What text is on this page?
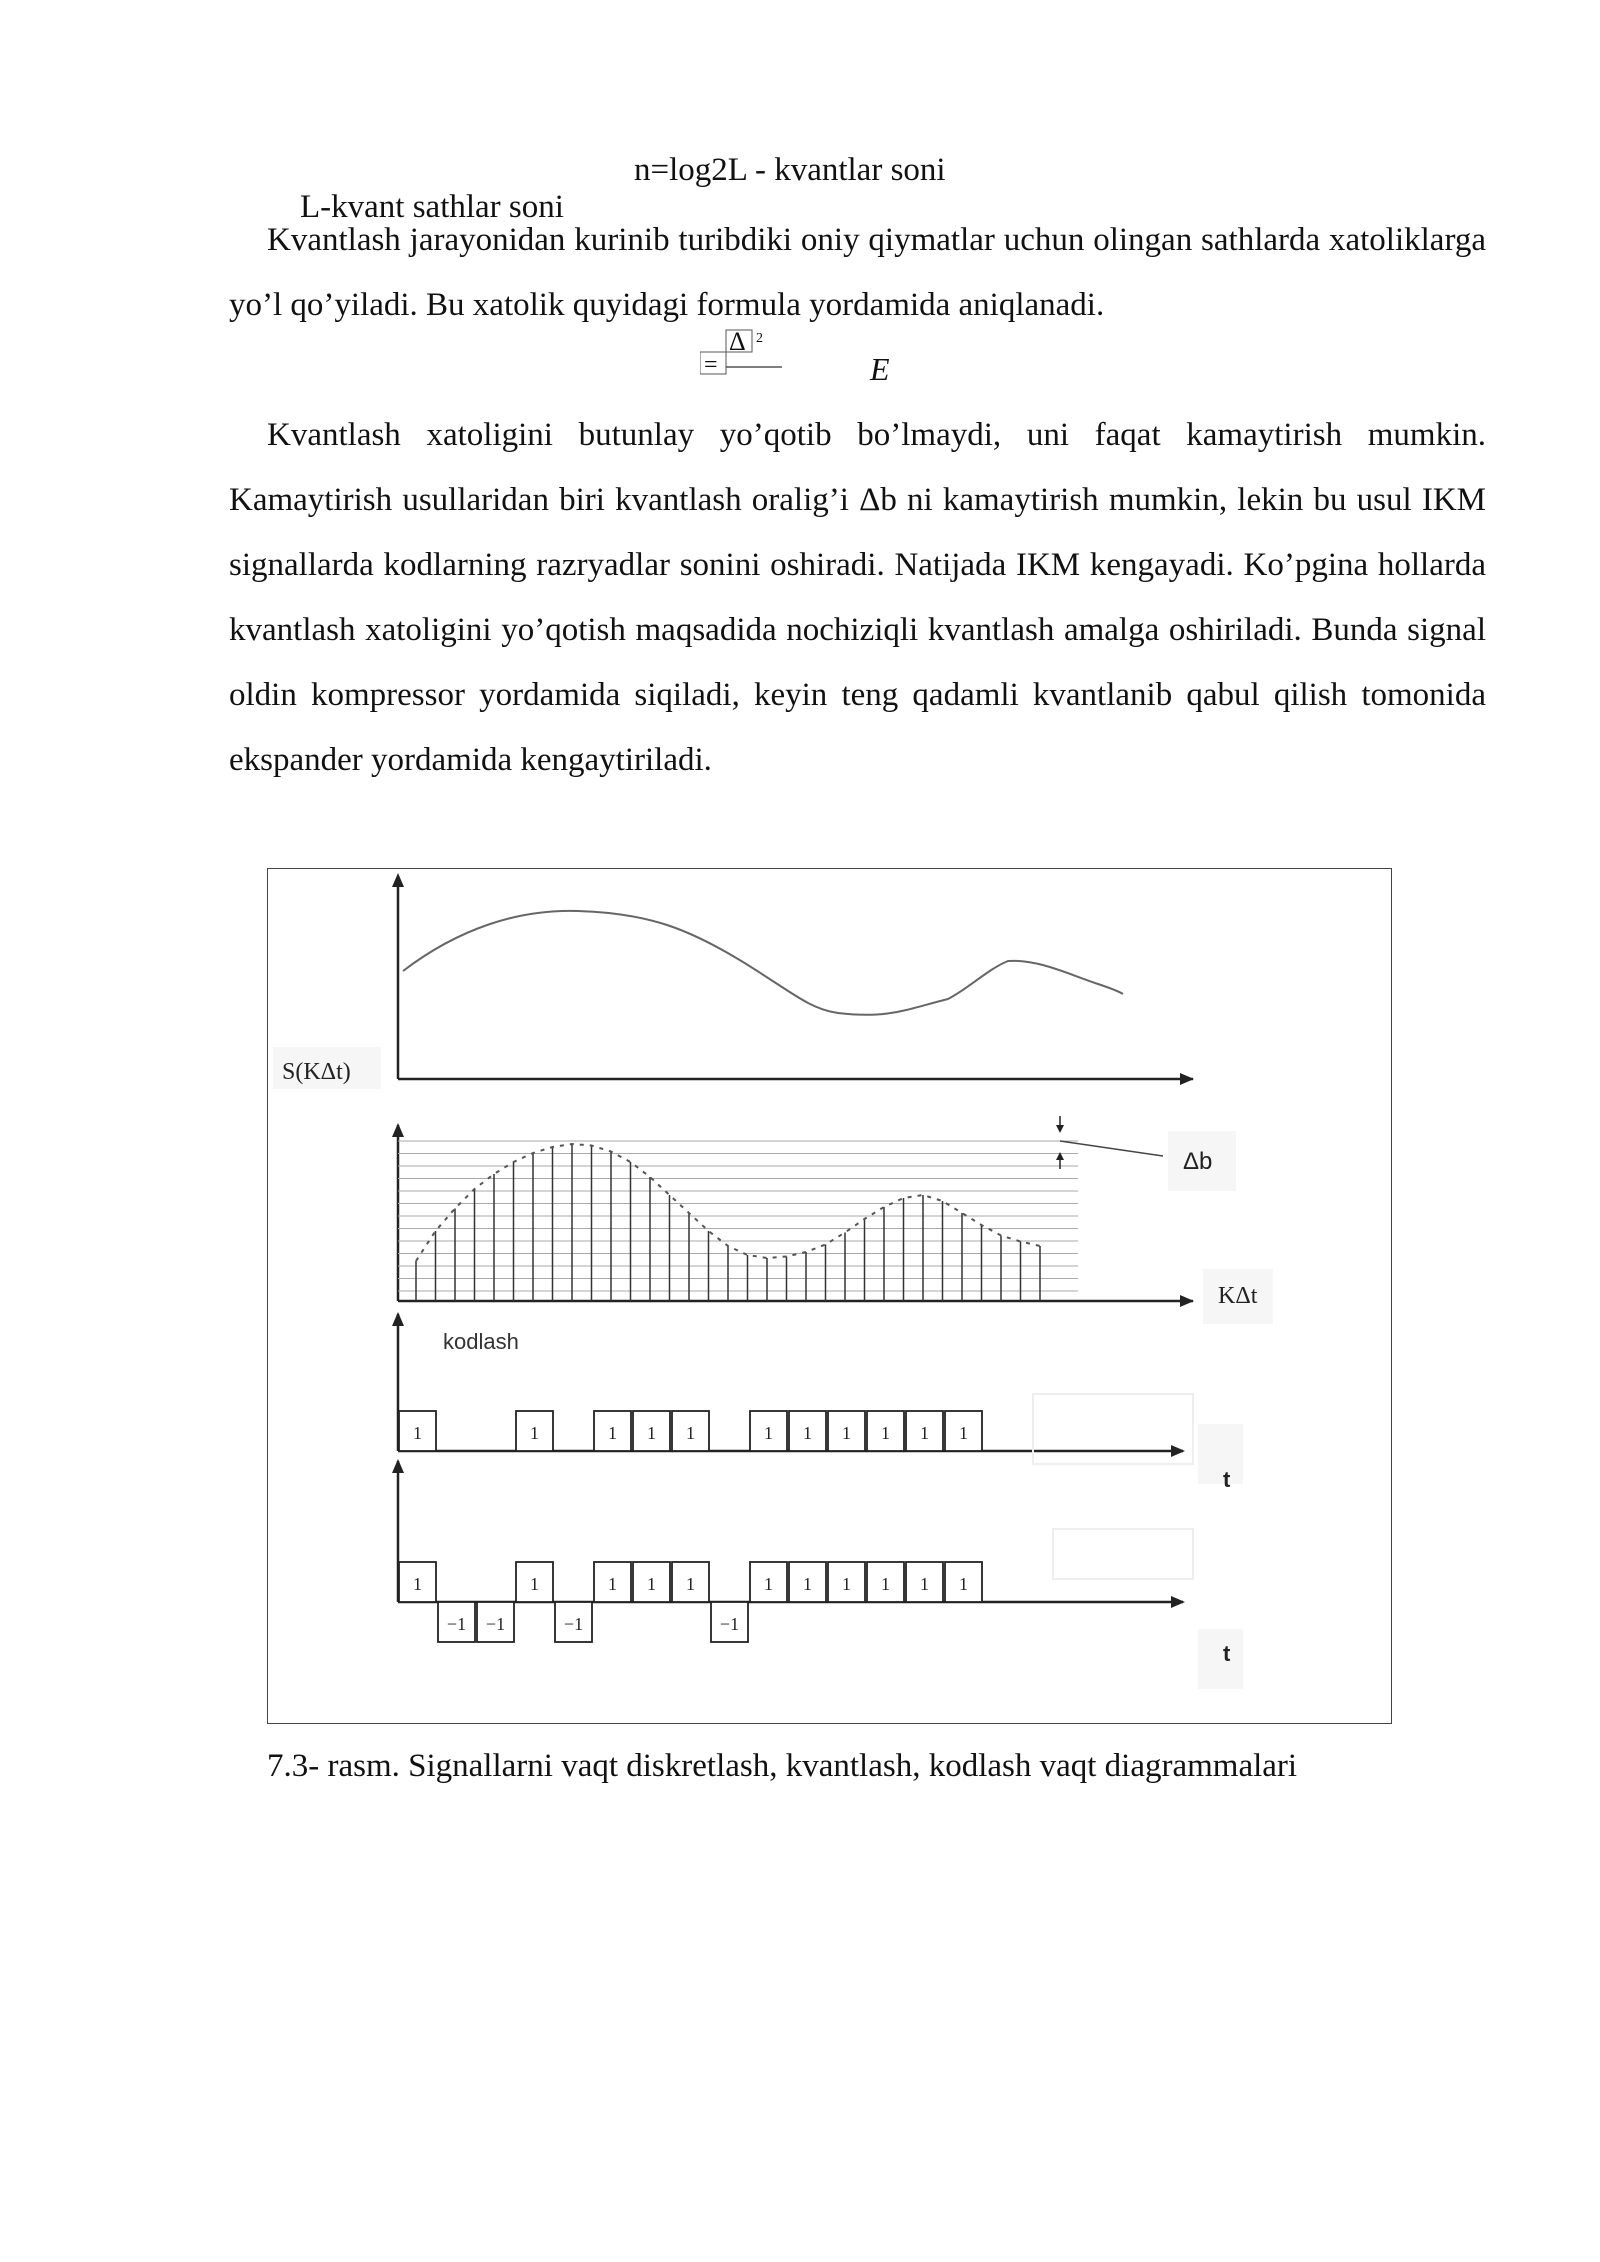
L-kvant sathlar soni

n=log2L - kvantlar soni

Kvantlash jarayonidan kurinib turibdiki oniy qiymatlar uchun olingan sathlarda xatoliklarga yo’l qo’yiladi. Bu xatolik quyidagi formula yordamida aniqlanadi.

Δ 2
=	E

Kvantlash xatoligini butunlay yo’qotib bo’lmaydi, uni faqat kamaytirish mumkin. Kamaytirish usullaridan biri kvantlash oralig’i Δb ni kamaytirish mumkin, lekin bu usul IKM signallarda kodlarning razryadlar sonini oshiradi. Natijada IKM kengayadi. Ko’pgina hollarda kvantlash xatoligini yo’qotish maqsadida nochiziqli kvantlash amalga oshiriladi. Bunda signal oldin kompressor yordamida siqiladi, keyin teng qadamli kvantlanib qabul qilish tomonida ekspander yordamida kengaytiriladi.

1	1	1 1 1	1 1 1 1 1 1
1
−1 −1
1
−1
1 1 1
−1
1 1 1 1 1 1
S(KΔt)
Δb
KΔt
kodlash
t
t
7.3- rasm. Signallarni vaqt diskretlash, kvantlash, kodlash vaqt diagrammalari
